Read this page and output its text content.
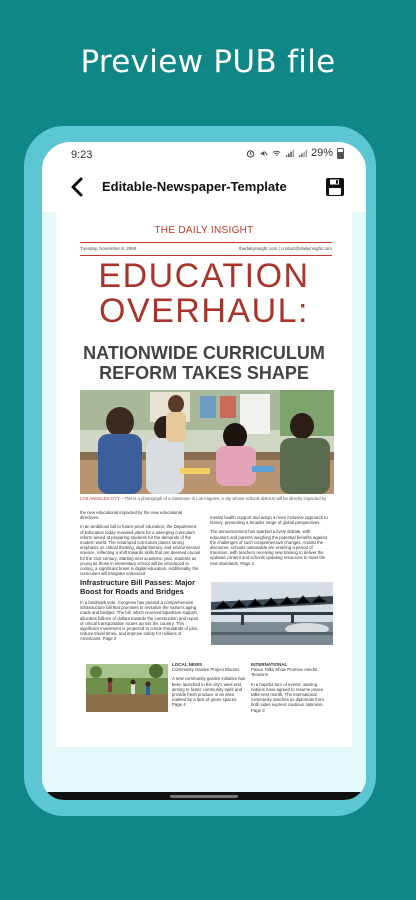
Preview PUB file
9:23	29%
Editable-Newspaper-Template
THE DAILY INSIGHT
Tuesday, November 8, 2060	thedailyinsight.com | contact@dailyinsight.com
EDUCATION
OVERHAUL:
NATIONWIDE CURRICULUM
REFORM TAKES SHAPE
LOS ANGELES CITY – This is a photograph of a classroom in Los Angeles, a city whose schools districts will be directly impacted by

the new educational impacted by the new educational directives.

In an ambitious bid to future-proof education, the Department of Education today revealed plans for a sweeping curriculum reform aimed at preparing students for the demands of the modern world. The revamped curriculum places strong emphasis on critical thinking, digital literacy, and environmental science, reflecting a shift towards skills that are deemed crucial for the 21st century. Starting next academic year, students as young as those in elementary school will be introduced to coding, a significant boost in digital education. Additionally, the curriculum will integrate enhanced

mental health support and adopt a more inclusive approach to history, presenting a broader range of global perspectives.

The announcement has sparked a lively debate, with educators and parents weighing the potential benefits against the challenges of such comprehensive changes. Amidst the discourse, schools nationwide are entering a period of transition, with teachers receiving new training to deliver the updated content and schools updating resources to meet the new standards. Page 2

Infrastructure Bill Passes: Major Boost for Roads and Bridges
In a landmark vote, Congress has passed a comprehensive infrastructure bill that promises to revitalize the nation's aging roads and bridges. The bill, which received bipartisan support, allocates billions of dollars towards the construction and repair of critical transportation routes across the country. This significant investment is projected to create thousands of jobs, reduce travel times, and improve safety for millions of Americans. Page 2
LOCAL NEWS
Community Garden Project Blooms
A new community garden initiative has been launched in the city's west end, aiming to foster community spirit and provide fresh produce in an area marked by a lack of green spaces. Page 4
INTERNATIONAL
Peace Talks Show Promise Amidst Tensions
In a hopeful turn of events, warring nations have agreed to resume peace talks next month. The international community watches as diplomats from both sides express cautious optimism. Page 3
